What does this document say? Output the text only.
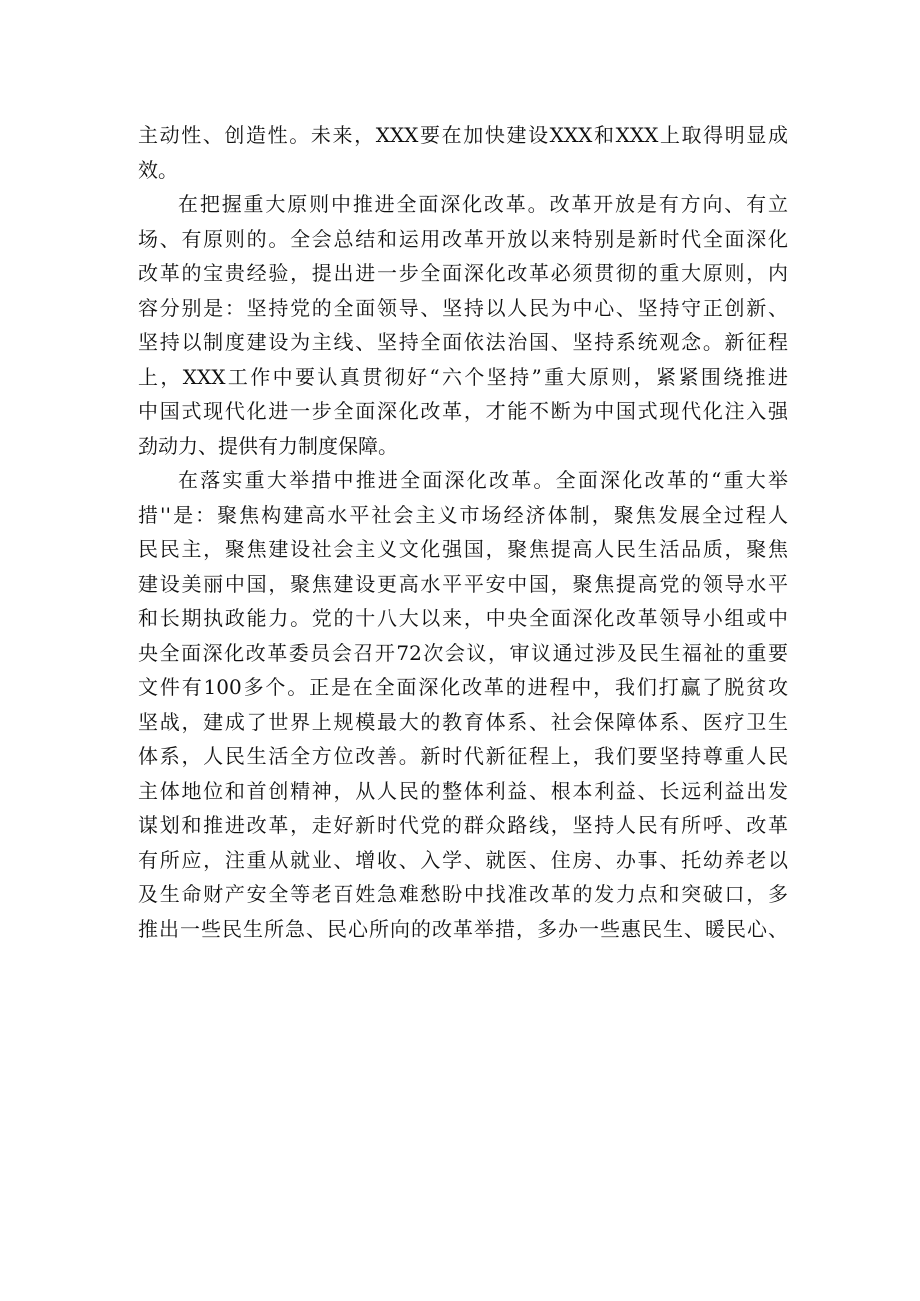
主动性、创造性。未来，XXX要在加快建设XXX和XXX上取得明显成
效。
在把握重大原则中推进全面深化改革。改革开放是有方向、有立
场、有原则的。全会总结和运用改革开放以来特别是新时代全面深化
改革的宝贵经验，提出进一步全面深化改革必须贯彻的重大原则，内
容分别是：坚持党的全面领导、坚持以人民为中心、坚持守正创新、
坚持以制度建设为主线、坚持全面依法治国、坚持系统观念。新征程
上，XXX工作中要认真贯彻好“六个坚持”重大原则，紧紧围绕推进
中国式现代化进一步全面深化改革，才能不断为中国式现代化注入强
劲动力、提供有力制度保障。
在落实重大举措中推进全面深化改革。全面深化改革的“重大举
措''是：聚焦构建高水平社会主义市场经济体制，聚焦发展全过程人
民民主，聚焦建设社会主义文化强国，聚焦提高人民生活品质，聚焦
建设美丽中国，聚焦建设更高水平平安中国，聚焦提高党的领导水平
和长期执政能力。党的十八大以来，中央全面深化改革领导小组或中
央全面深化改革委员会召开72次会议，审议通过涉及民生福祉的重要
文件有100多个。正是在全面深化改革的进程中，我们打赢了脱贫攻
坚战，建成了世界上规模最大的教育体系、社会保障体系、医疗卫生
体系，人民生活全方位改善。新时代新征程上，我们要坚持尊重人民
主体地位和首创精神，从人民的整体利益、根本利益、长远利益出发
谋划和推进改革，走好新时代党的群众路线，坚持人民有所呼、改革
有所应，注重从就业、增收、入学、就医、住房、办事、托幼养老以
及生命财产安全等老百姓急难愁盼中找准改革的发力点和突破口，多
推出一些民生所急、民心所向的改革举措，多办一些惠民生、暖民心、
